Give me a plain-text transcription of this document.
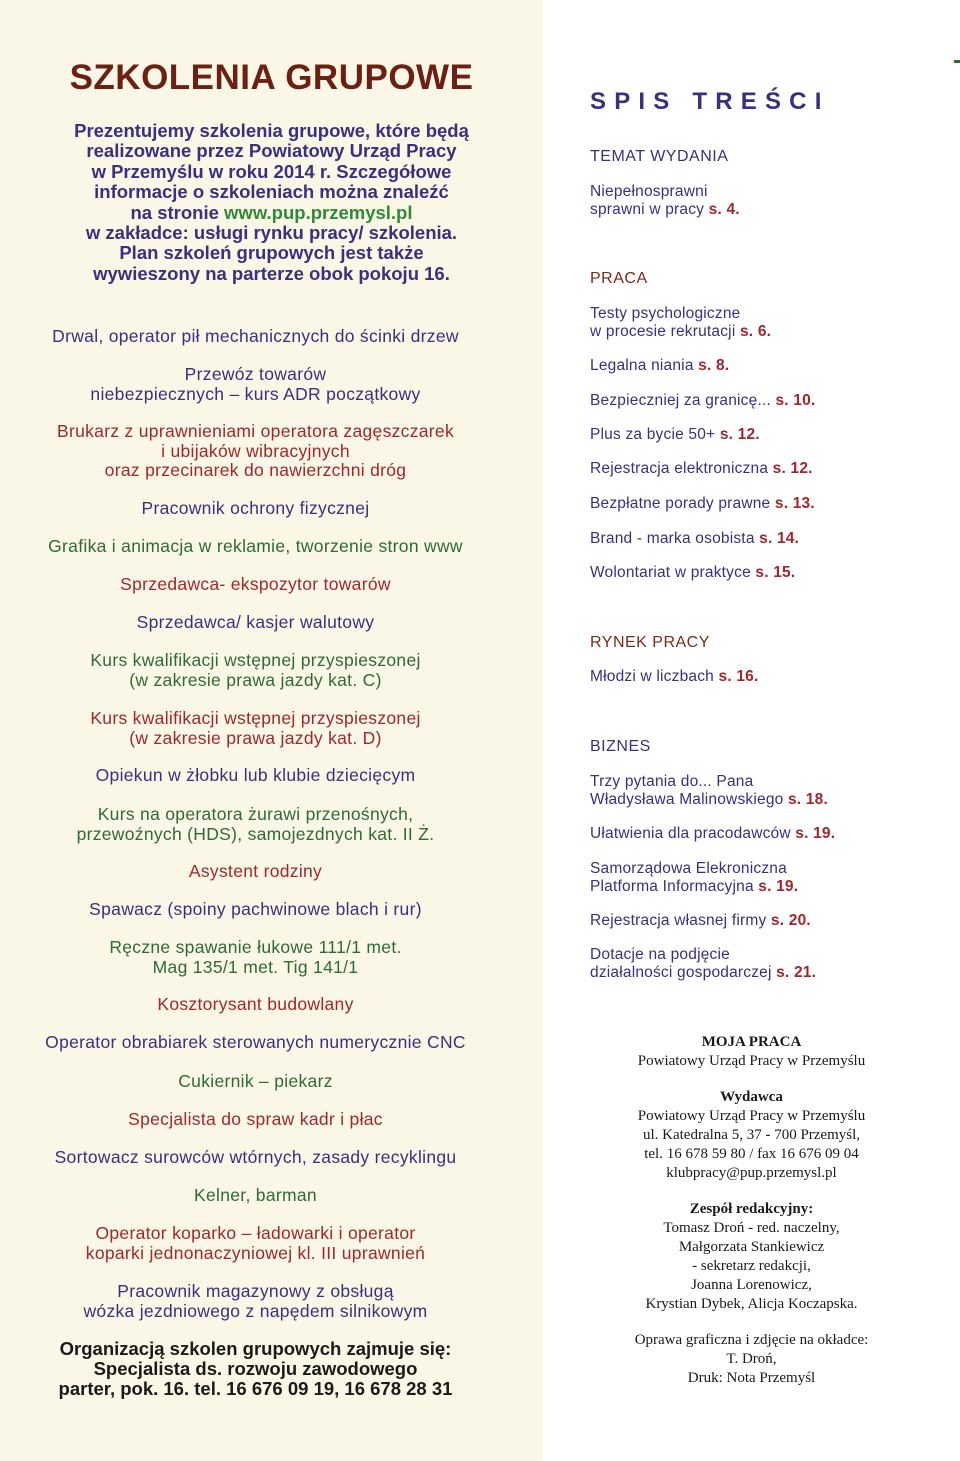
SZKOLENIA GRUPOWE
Prezentujemy szkolenia grupowe, które będą
realizowane przez Powiatowy Urząd Pracy
w Przemyślu w roku 2014 r. Szczegółowe
informacje o szkoleniach można znaleźć
na stronie www.pup.przemysl.pl
w zakładce: usługi rynku pracy/ szkolenia.
Plan szkoleń grupowych jest także
wywieszony na parterze obok pokoju 16.
Drwal, operator pił mechanicznych do ścinki drzew
Przewóz towarów
niebezpiecznych – kurs ADR początkowy
Brukarz z uprawnieniami operatora zagęszczarek
i ubijaków wibracyjnych
oraz przecinarek do nawierzchni dróg
Pracownik ochrony fizycznej
Grafika i animacja w reklamie, tworzenie stron www
Sprzedawca- ekspozytor towarów
Sprzedawca/ kasjer walutowy
Kurs kwalifikacji wstępnej przyspieszonej
(w zakresie prawa jazdy kat. C)
Kurs kwalifikacji wstępnej przyspieszonej
(w zakresie prawa jazdy kat. D)
Opiekun w żłobku lub klubie dziecięcym
Kurs na operatora żurawi przenośnych,
przewoźnych (HDS), samojezdnych kat. II Ż.
Asystent rodziny
Spawacz (spoiny pachwinowe blach i rur)
Ręczne spawanie łukowe 111/1 met.
Mag 135/1 met. Tig 141/1
Kosztorysant budowlany
Operator obrabiarek sterowanych numerycznie CNC
Cukiernik – piekarz
Specjalista do spraw kadr i płac
Sortowacz surowców wtórnych, zasady recyklingu
Kelner, barman
Operator koparko – ładowarki i operator
koparki jednonaczyniowej kl. III uprawnień
Pracownik magazynowy z obsługą
wózka jezdniowego z napędem silnikowym
Organizacją szkolen grupowych zajmuje się:
Specjalista ds. rozwoju zawodowego
parter, pok. 16. tel. 16 676 09 19, 16 678 28 31
SPIS TREŚCI
TEMAT WYDANIA
Niepełnosprawni
sprawni w pracy s. 4.
PRACA
Testy psychologiczne
w procesie rekrutacji s. 6.
Legalna niania s. 8.
Bezpieczniej za granicę... s. 10.
Plus za bycie 50+ s. 12.
Rejestracja elektroniczna s. 12.
Bezpłatne porady prawne s. 13.
Brand - marka osobista s. 14.
Wolontariat w praktyce s. 15.
RYNEK PRACY
Młodzi w liczbach s. 16.
BIZNES
Trzy pytania do... Pana
Władysława Malinowskiego s. 18.
Ułatwienia dla pracodawców s. 19.
Samorządowa Elekroniczna
Platforma Informacyjna s. 19.
Rejestracja własnej firmy s. 20.
Dotacje na podjęcie
działalności gospodarczej s. 21.
MOJA PRACA
Powiatowy Urząd Pracy w Przemyślu
Wydawca
Powiatowy Urząd Pracy w Przemyślu
ul. Katedralna 5, 37 - 700 Przemyśl,
tel. 16 678 59 80 / fax 16 676 09 04
klubpracy@pup.przemysl.pl
Zespół redakcyjny:
Tomasz Droń - red. naczelny,
Małgorzata Stankiewicz
- sekretarz redakcji,
Joanna Lorenowicz,
Krystian Dybek, Alicja Koczapska.
Oprawa graficzna i zdjęcie na okładce:
T. Droń,
Druk: Nota Przemyśl
